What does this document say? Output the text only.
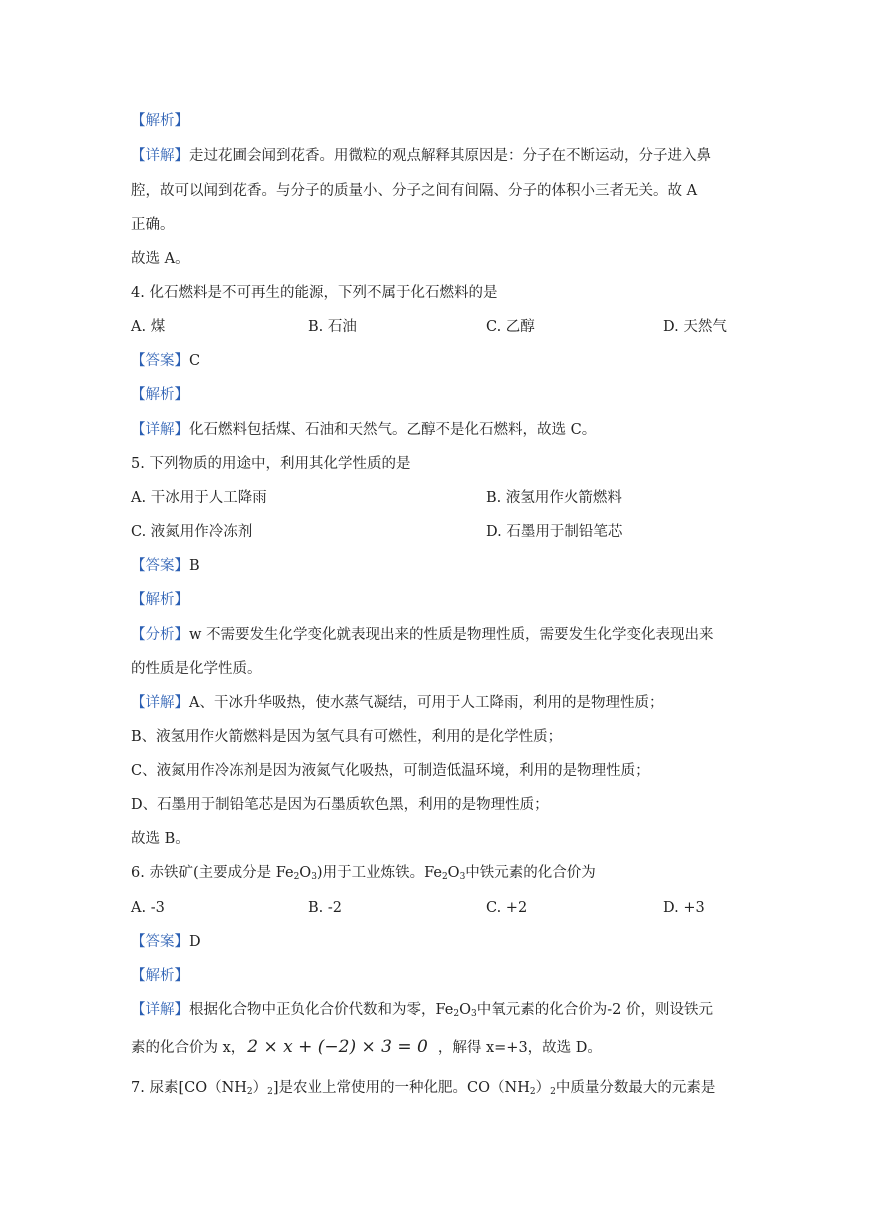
【解析】
【详解】走过花圃会闻到花香。用微粒的观点解释其原因是：分子在不断运动，分子进入鼻
腔，故可以闻到花香。与分子的质量小、分子之间有间隔、分子的体积小三者无关。故 A
正确。
故选 A。
4. 化石燃料是不可再生的能源，下列不属于化石燃料的是
A. 煤	B. 石油	C. 乙醇	D. 天然气
【答案】C
【解析】
【详解】化石燃料包括煤、石油和天然气。乙醇不是化石燃料，故选 C。
5. 下列物质的用途中，利用其化学性质的是
A. 干冰用于人工降雨	B. 液氢用作火箭燃料
C. 液氮用作冷冻剂	D. 石墨用于制铅笔芯
【答案】B
【解析】
【分析】w 不需要发生化学变化就表现出来的性质是物理性质，需要发生化学变化表现出来
的性质是化学性质。
【详解】A、干冰升华吸热，使水蒸气凝结，可用于人工降雨，利用的是物理性质；
B、液氢用作火箭燃料是因为氢气具有可燃性，利用的是化学性质；
C、液氮用作冷冻剂是因为液氮气化吸热，可制造低温环境，利用的是物理性质；
D、石墨用于制铅笔芯是因为石墨质软色黑，利用的是物理性质；
故选 B。
6. 赤铁矿(主要成分是 $Fe_2O_3$)用于工业炼铁。$Fe_2O_3$中铁元素的化合价为
A. -3	B. -2	C. +2	D. +3
【答案】D
【解析】
【详解】根据化合物中正负化合价代数和为零，$Fe_2O_3$中氧元素的化合价为-2 价，则设铁元
素的化合价为 x， 2 × x + (−2) × 3 = 0 ，解得 x=+3，故选 D。
7. 尿素$[CO(NH_2)_2]$是农业上常使用的一种化肥。$CO(NH_2)_2$中质量分数最大的元素是
